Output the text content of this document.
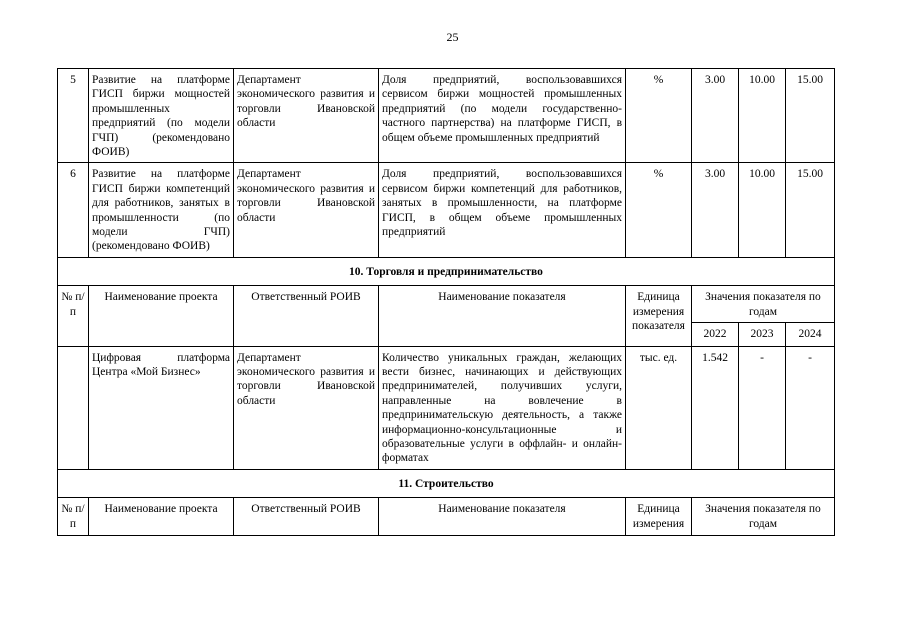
25
5	Развитие на платформе ГИСП биржи мощностей промышленных предприятий (по модели ГЧП) (рекомендовано ФОИВ)	Департамент экономического развития и торговли Ивановской области	Доля предприятий, воспользовавшихся сервисом биржи мощностей промышленных предприятий (по модели государственно-частного партнерства) на платформе ГИСП, в общем объеме промышленных предприятий	%	3.00	10.00	15.00
6	Развитие на платформе ГИСП биржи компетенций для работников, занятых в промышленности (по модели ГЧП) (рекомендовано ФОИВ)	Департамент экономического развития и торговли Ивановской области	Доля предприятий, воспользовавшихся сервисом биржи компетенций для работников, занятых в промышленности, на платформе ГИСП, в общем объеме промышленных предприятий	%	3.00	10.00	15.00
10. Торговля и предпринимательство							
№ п/п	Наименование проекта	Ответственный РОИВ	Наименование показателя	Единица измерения показателя	Значения показателя по годам		
					2022	2023	2024
	Цифровая платформа Центра «Мой Бизнес»	Департамент экономического развития и торговли Ивановской области	Количество уникальных граждан, желающих вести бизнес, начинающих и действующих предпринимателей, получивших услуги, направленные на вовлечение в предпринимательскую деятельность, а также информационно-консультационные и образовательные услуги в оффлайн- и онлайн-форматах	тыс. ед.	1.542	-	-
11. Строительство							
№ п/п	Наименование проекта	Ответственный РОИВ	Наименование показателя	Единица измерения	Значения показателя по годам		
